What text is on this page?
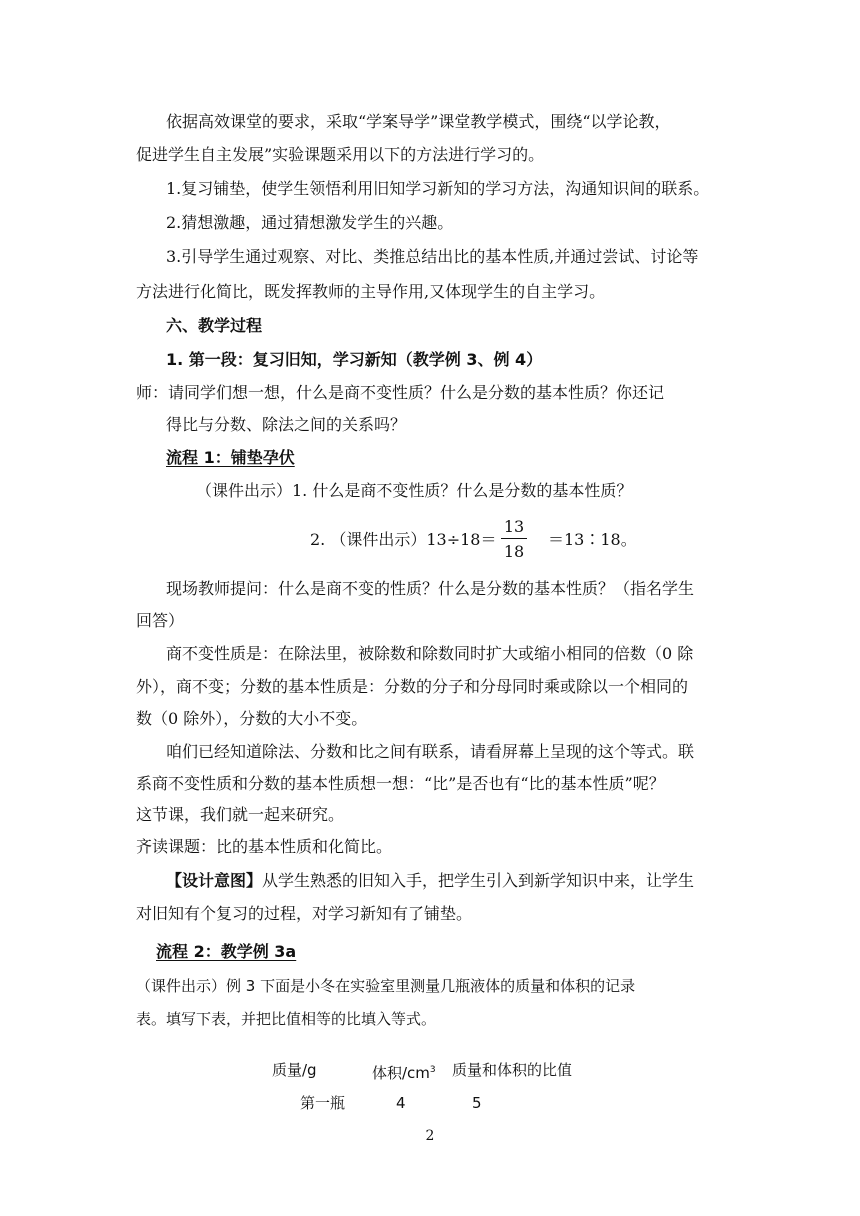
依据高效课堂的要求，采取“学案导学”课堂教学模式，围绕“以学论教，
促进学生自主发展”实验课题采用以下的方法进行学习的。
1.复习铺垫，使学生领悟利用旧知学习新知的学习方法，沟通知识间的联系。
2.猜想激趣，通过猜想激发学生的兴趣。
3.引导学生通过观察、对比、类推总结出比的基本性质,并通过尝试、讨论等
方法进行化简比，既发挥教师的主导作用,又体现学生的自主学习。
六、教学过程
1. 第一段：复习旧知，学习新知（教学例 3、例 4）
师：请同学们想一想，什么是商不变性质？什么是分数的基本性质？你还记
得比与分数、除法之间的关系吗？
流程 1：铺垫孕伏
（课件出示）1. 什么是商不变性质？什么是分数的基本性质？
2. （课件出示）13÷18＝
13
18
＝13∶18。
现场教师提问：什么是商不变的性质？什么是分数的基本性质？（指名学生
回答）
商不变性质是：在除法里，被除数和除数同时扩大或缩小相同的倍数（0 除
外），商不变；分数的基本性质是：分数的分子和分母同时乘或除以一个相同的
数（0 除外），分数的大小不变。
咱们已经知道除法、分数和比之间有联系，请看屏幕上呈现的这个等式。联
系商不变性质和分数的基本性质想一想：“比”是否也有“比的基本性质”呢？
这节课，我们就一起来研究。
齐读课题：比的基本性质和化简比。
【设计意图】从学生熟悉的旧知入手，把学生引入到新学知识中来，让学生
对旧知有个复习的过程，对学习新知有了铺垫。
流程 2：教学例 3a
（课件出示）例 3 下面是小冬在实验室里测量几瓶液体的质量和体积的记录
表。填写下表，并把比值相等的比填入等式。
质量/g	体积$/cm^3$ 质量和体积的比值
第一瓶	4	5
2
